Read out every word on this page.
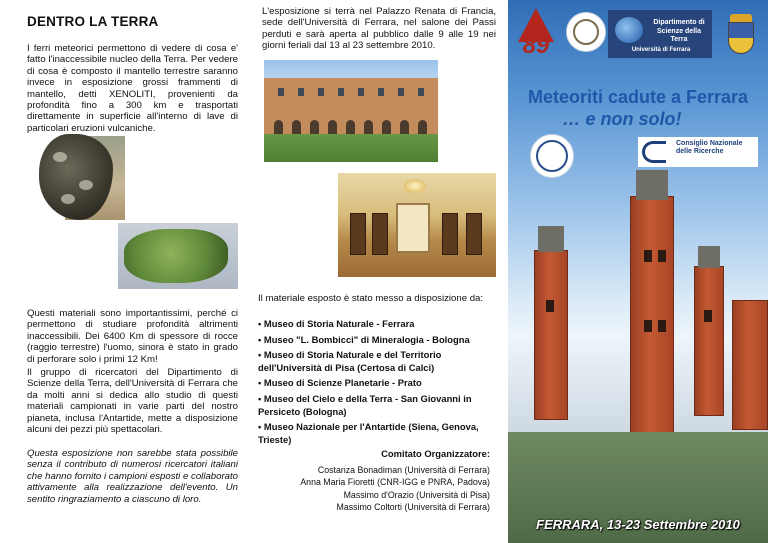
DENTRO LA TERRA

I ferri meteorici permettono di vedere di cosa e' fatto l'inaccessibile nucleo della Terra. Per vedere di cosa è composto il mantello terrestre saranno invece in esposizione grossi frammenti di mantello, detti XENOLITI, provenienti da profondità fino a 300 km e trasportati direttamente in superficie all'interno di lave di particolari eruzioni vulcaniche.

Questi materiali sono importantissimi, perché ci permettono di studiare profondità altrimenti inaccessibili. Dei 6400 Km di spessore di rocce (raggio terrestre) l'uomo, sinora è stato in grado di perforare solo i primi 12 Km!

Il gruppo di ricercatori del Dipartimento di Scienze della Terra, dell'Università di Ferrara che da molti anni si dedica allo studio di questi materiali campionati in varie parti del nostro pianeta, inclusa l'Antartide, mette a disposizione alcuni dei pezzi più spettacolari.

Questa esposizione non sarebbe stata possibile senza il contributo di numerosi ricercatori italiani che hanno fornito i campioni esposti e collaborato attivamente alla realizzazione dell'evento. Un sentito ringraziamento a ciascuno di loro.

L'esposizione si terrà nel Palazzo Renata di Francia, sede dell'Università di Ferrara, nel salone dei Passi perduti e sarà aperta al pubblico dalle 9 alle 19 nei giorni feriali dal 13 al 23 settembre 2010.

Il materiale esposto è stato messo a disposizione da:

• Museo di Storia Naturale - Ferrara
• Museo "L. Bombicci" di Mineralogia - Bologna
• Museo di Storia Naturale e del Territorio dell'Università di Pisa (Certosa di Calci)
• Museo di Scienze Planetarie - Prato
• Museo del Cielo e della Terra - San Giovanni in Persiceto (Bologna)
• Museo Nazionale per l'Antartide (Siena, Genova, Trieste)
Comitato Organizzatore:
Costanza Bonadiman (Università di Ferrara)
Anna Maria Fioretti (CNR-IGG e PNRA, Padova)
Massimo d'Orazio (Università di Pisa)
Massimo Coltorti (Università di Ferrara)
89
Dipartimento di Scienze della Terra
Università di Ferrara
Meteoriti cadute a Ferrara
… e non solo!
Consiglio Nazionale delle Ricerche
FERRARA, 13-23 Settembre 2010
